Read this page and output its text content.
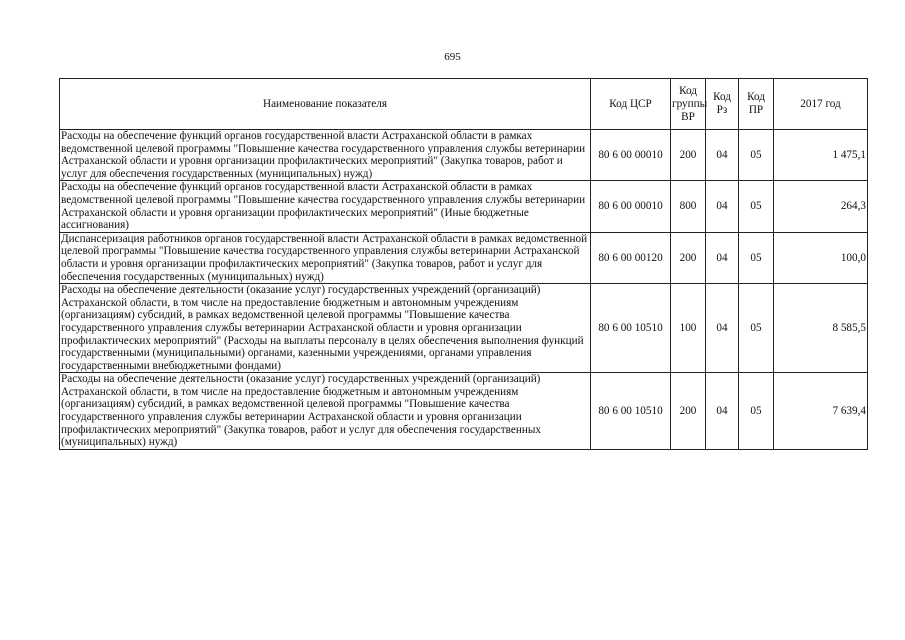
695
Наименование показателя	Код ЦСР	Код группы ВР	Код Рз	Код ПР	2017 год
Расходы на обеспечение функций органов государственной власти Астраханской области в рамках ведомственной целевой программы "Повышение качества государственного управления службы ветеринарии Астраханской области и уровня организации профилактических мероприятий" (Закупка товаров, работ и услуг для обеспечения государственных (муниципальных) нужд)	80 6 00 00010	200	04	05	1 475,1
Расходы на обеспечение функций органов государственной власти Астраханской области в рамках ведомственной целевой программы "Повышение качества государственного управления службы ветеринарии Астраханской области и уровня организации профилактических мероприятий" (Иные бюджетные ассигнования)	80 6 00 00010	800	04	05	264,3
Диспансеризация работников органов государственной власти Астраханской области в рамках ведомственной целевой программы "Повышение качества государственного управления службы ветеринарии Астраханской области и уровня организации профилактических мероприятий" (Закупка товаров, работ и услуг для обеспечения государственных (муниципальных) нужд)	80 6 00 00120	200	04	05	100,0
Расходы на обеспечение деятельности (оказание услуг) государственных учреждений (организаций) Астраханской области, в том числе на предоставление бюджетным и автономным учреждениям (организациям) субсидий, в рамках ведомственной целевой программы "Повышение качества государственного управления службы ветеринарии Астраханской области и уровня организации профилактических мероприятий" (Расходы на выплаты персоналу в целях обеспечения выполнения функций государственными (муниципальными) органами, казенными учреждениями, органами управления государственными внебюджетными фондами)	80 6 00 10510	100	04	05	8 585,5
Расходы на обеспечение деятельности (оказание услуг) государственных учреждений (организаций) Астраханской области, в том числе на предоставление бюджетным и автономным учреждениям (организациям) субсидий, в рамках ведомственной целевой программы "Повышение качества государственного управления службы ветеринарии Астраханской области и уровня организации профилактических мероприятий" (Закупка товаров, работ и услуг для обеспечения государственных (муниципальных) нужд)	80 6 00 10510	200	04	05	7 639,4
